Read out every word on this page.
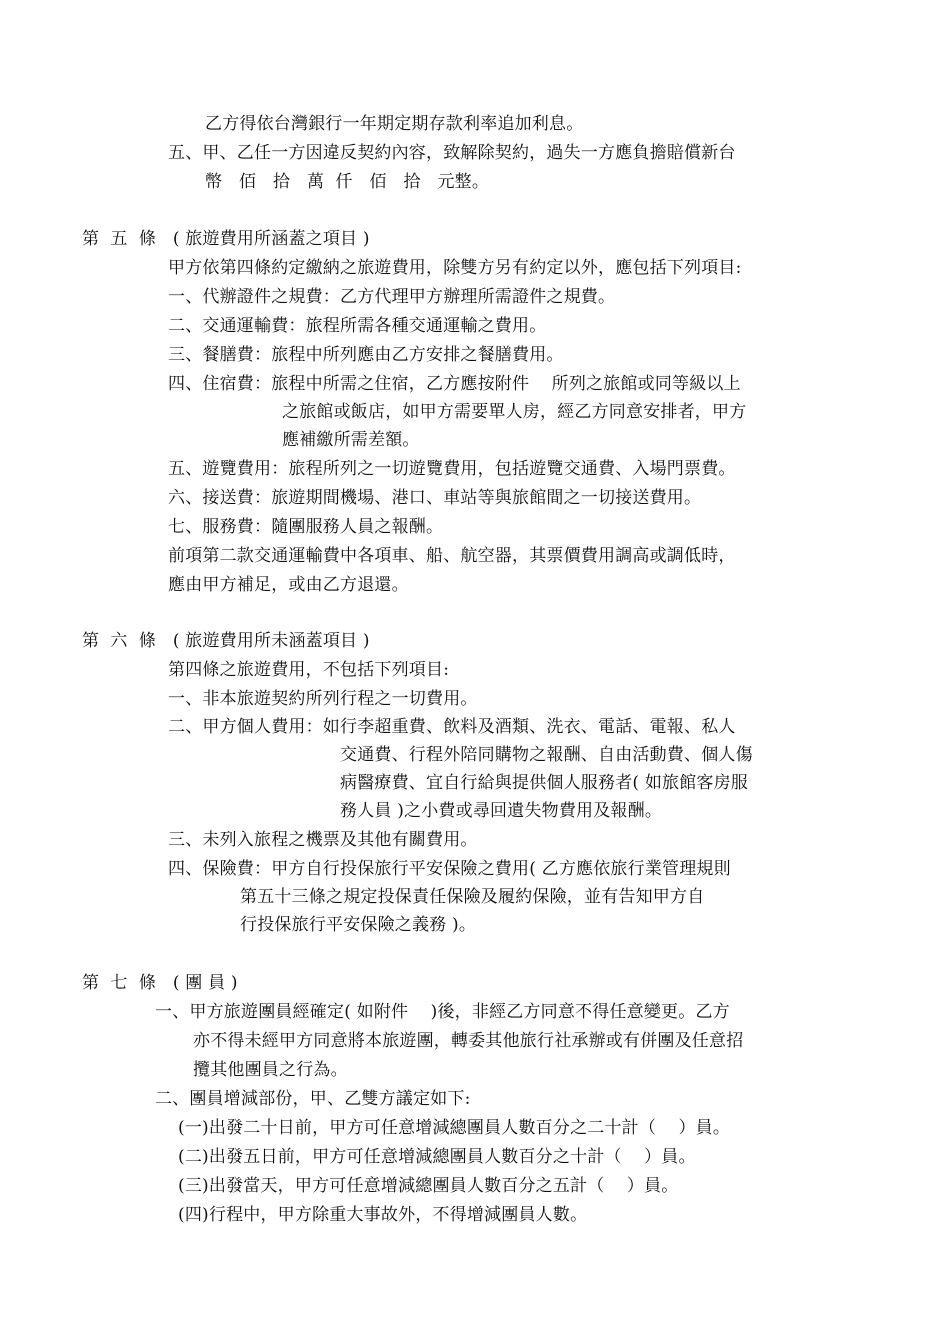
乙方得依台灣銀行一年期定期存款利率追加利息。
五、甲、乙任一方因違反契約內容，致解除契約，過失一方應負擔賠償新台
幣   佰   拾   萬  仟   佰   拾   元整。
第  五  條   ( 旅遊費用所涵蓋之項目 )
甲方依第四條約定繳納之旅遊費用，除雙方另有約定以外，應包括下列項目:
一、代辦證件之規費：乙方代理甲方辦理所需證件之規費。
二、交通運輸費：旅程所需各種交通運輸之費用。
三、餐膳費：旅程中所列應由乙方安排之餐膳費用。
四、住宿費：旅程中所需之住宿，乙方應按附件    所列之旅館或同等級以上
之旅館或飯店，如甲方需要單人房，經乙方同意安排者，甲方
應補繳所需差額。
五、遊覽費用：旅程所列之一切遊覽費用，包括遊覽交通費、入場門票費。
六、接送費：旅遊期間機場、港口、車站等與旅館間之一切接送費用。
七、服務費：隨團服務人員之報酬。
前項第二款交通運輸費中各項車、船、航空器，其票價費用調高或調低時，
應由甲方補足，或由乙方退還。
第  六  條   ( 旅遊費用所未涵蓋項目 )
第四條之旅遊費用，不包括下列項目:
一、非本旅遊契約所列行程之一切費用。
二、甲方個人費用：如行李超重費、飲料及酒類、洗衣、電話、電報、私人
交通費、行程外陪同購物之報酬、自由活動費、個人傷
病醫療費、宜自行給與提供個人服務者( 如旅館客房服
務人員 )之小費或尋回遺失物費用及報酬。
三、未列入旅程之機票及其他有關費用。
四、保險費：甲方自行投保旅行平安保險之費用( 乙方應依旅行業管理規則
第五十三條之規定投保責任保險及履約保險，並有告知甲方自
行投保旅行平安保險之義務 )。
第  七  條   ( 團 員 )
一、甲方旅遊團員經確定( 如附件    )後，非經乙方同意不得任意變更。乙方
亦不得未經甲方同意將本旅遊團，轉委其他旅行社承辦或有併團及任意招
攬其他團員之行為。
二、團員增減部份，甲、乙雙方議定如下:
(一)出發二十日前，甲方可任意增減總團員人數百分之二十計（    ）員。
(二)出發五日前，甲方可任意增減總團員人數百分之十計（    ）員。
(三)出發當天，甲方可任意增減總團員人數百分之五計（    ）員。
(四)行程中，甲方除重大事故外，不得增減團員人數。
